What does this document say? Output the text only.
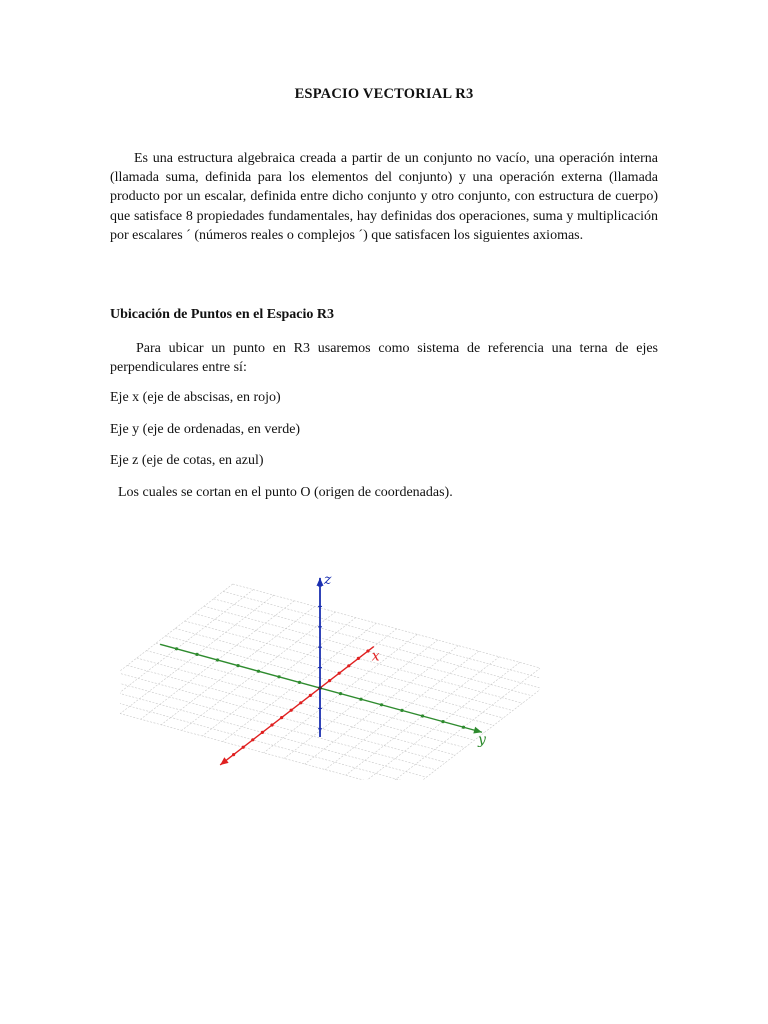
ESPACIO VECTORIAL R3

Es una estructura algebraica creada a partir de un conjunto no vacío, una operación interna (llamada suma, definida para los elementos del conjunto) y una operación externa (llamada producto por un escalar, definida entre dicho conjunto y otro conjunto, con estructura de cuerpo) que satisface 8 propiedades fundamentales, hay definidas dos operaciones, suma y multiplicación por escalares ´ (números reales o complejos ´) que satisfacen los siguientes axiomas.

Ubicación de Puntos en el Espacio R3

Para ubicar un punto en R3 usaremos como sistema de referencia una terna de ejes perpendiculares entre sí:

Eje x (eje de abscisas, en rojo)
Eje y (eje de ordenadas, en verde)
Eje z (eje de cotas, en azul)
Los cuales se cortan en el punto O (origen de coordenadas).
x
y
z
